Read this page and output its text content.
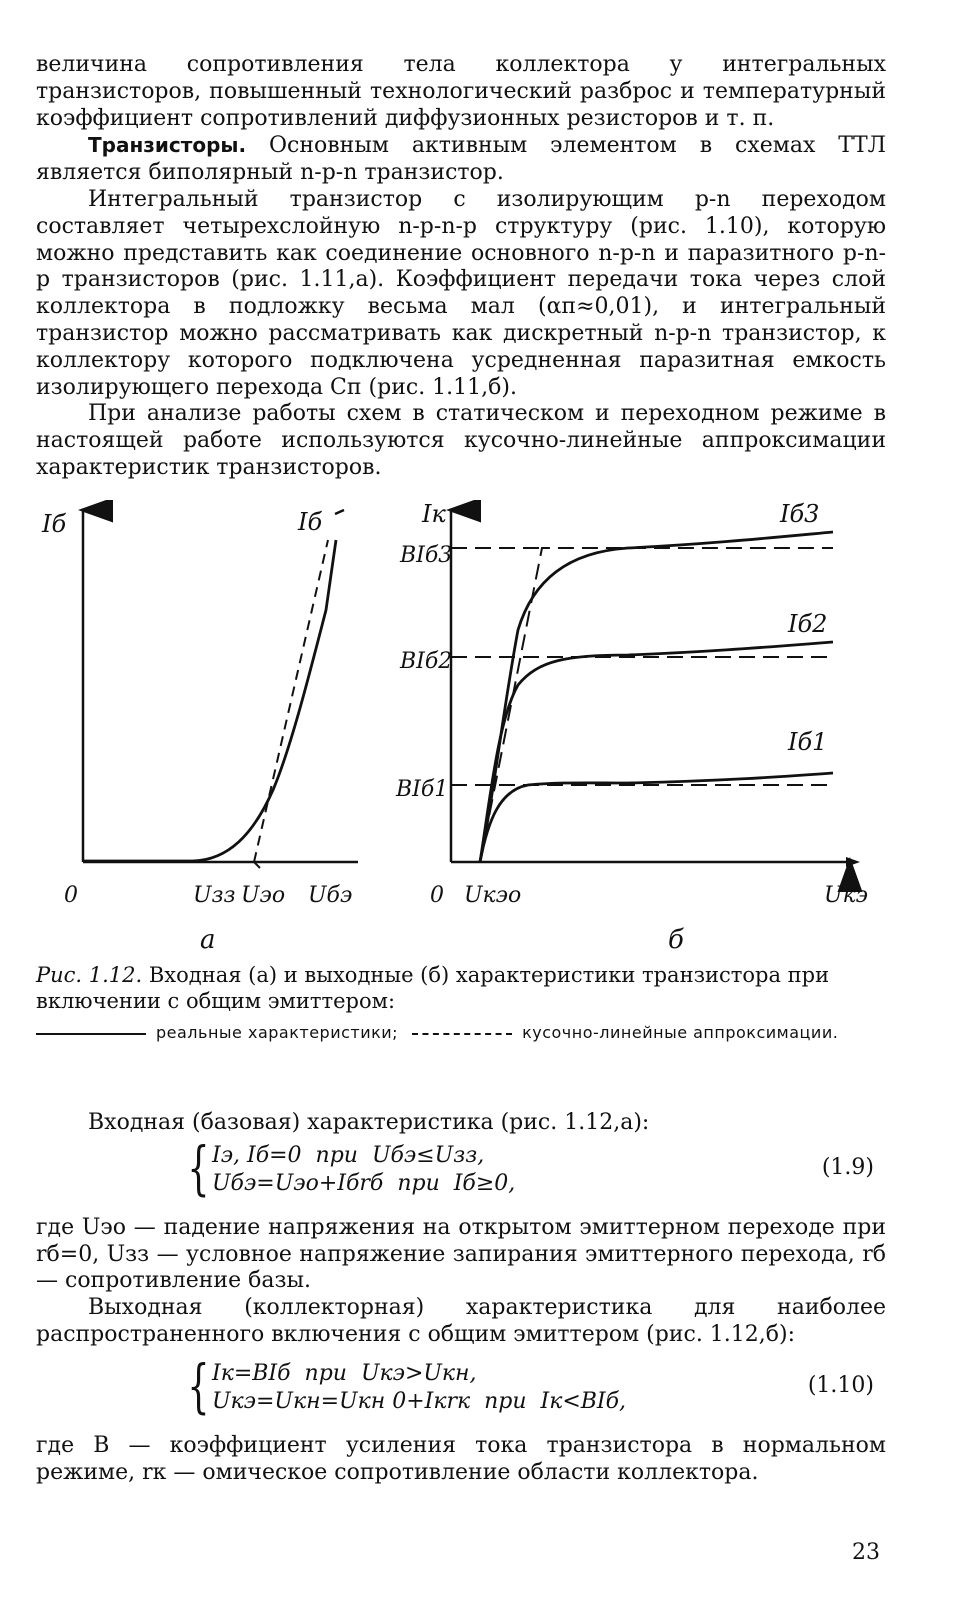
величина сопротивления тела коллектора у интегральных транзисторов, повышенный технологический разброс и температурный коэффициент сопротивлений диффузионных резисторов и т. п.

Транзисторы. Основным активным элементом в схемах ТТЛ является биполярный n-p-n транзистор.

Интегральный транзистор с изолирующим p-n переходом составляет четырехслойную n-p-n-p структуру (рис. 1.10), которую можно представить как соединение основного n-p-n и паразитного p-n-p транзисторов (рис. 1.11,а). Коэффициент передачи тока через слой коллектора в подложку весьма мал (αп≈0,01), и интегральный транзистор можно рассматривать как дискретный n-p-n транзистор, к коллектору которого подключена усредненная паразитная емкость изолирующего перехода Cп (рис. 1.11,б).

При анализе работы схем в статическом и переходном режиме в настоящей работе используются кусочно-линейные аппроксимации характеристик транзисторов.

Iб	Iб
0	Uзз Uэо Uбэ
а
Iк
BIб3
BIб2
BIб1
Iб3
Iб2
Iб1
0 Uкэо	Uкэ
б
Рис. 1.12. Входная (а) и выходные (б) характеристики транзистора при включении с общим эмиттером:
реальные характеристики;	кусочно-линейные аппроксимации.

Входная (базовая) характеристика (рис. 1.12,а):

{ Iэ, Iб=0  при  Uбэ≤Uзз,
Uбэ=Uэо+Iбrб  при  Iб≥0,
(1.9)

где Uэо — падение напряжения на открытом эмиттерном переходе при rб=0, Uзз — условное напряжение запирания эмиттерного перехода, rб — сопротивление базы.

Выходная (коллекторная) характеристика для наиболее распространенного включения с общим эмиттером (рис. 1.12,б):

{ Iк=BIб  при  Uкэ>Uкн,
Uкэ=Uкн=Uкн 0+Iкrк  при  Iк<BIб,
(1.10)

где B — коэффициент усиления тока транзистора в нормальном режиме, rк — омическое сопротивление области коллектора.

23
